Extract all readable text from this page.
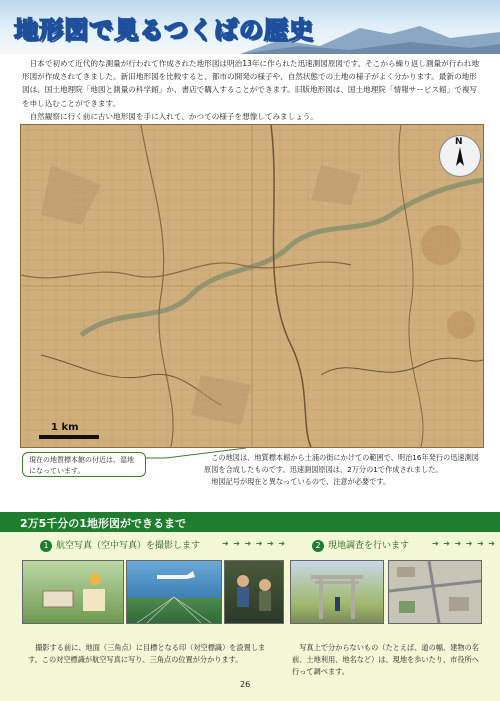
地形図で見るつくばの歴史

日本で初めて近代的な測量が行われて作成された地形図は明治13年に作られた迅速測図原図です。そこから繰り返し測量が行われ地形図が作成されてきました。新旧地形図を比較すると、都市の開発の様子や、自然状態での土地の様子がよく分かります。最新の地形図は、国土地理院「地図と測量の科学館」か、書店で購入することができます。旧版地形図は、国土地理院「情報サービス館」で複写を申し込むことができます。

自然観察に行く前に古い地形図を手に入れて、かつての様子を想像してみましょう。

N
1 km
現在の地質標本館の付近は、湿地になっています。

この地図は、地質標本館から土浦の街にかけての範囲で、明治16年発行の迅速測図原図を合成したものです。迅速測図原図は、2万分の1で作成されました。

地図記号が現在と異なっているので、注意が必要です。

2万5千分の1地形図ができるまで
1 航空写真（空中写真）を撮影します	➜ ➜ ➜ ➜ ➜ ➜	2 現地調査を行います	➜ ➜ ➜ ➜ ➜ ➜

撮影する前に、地面（三角点）に目標となる印（対空標識）を設置します。この対空標識が航空写真に写り、三角点の位置が分かります。

写真上で分からないもの（たとえば、道の幅、建物の名前、土地利用、地名など）は、現地を歩いたり、市役所へ行って調べます。

26
